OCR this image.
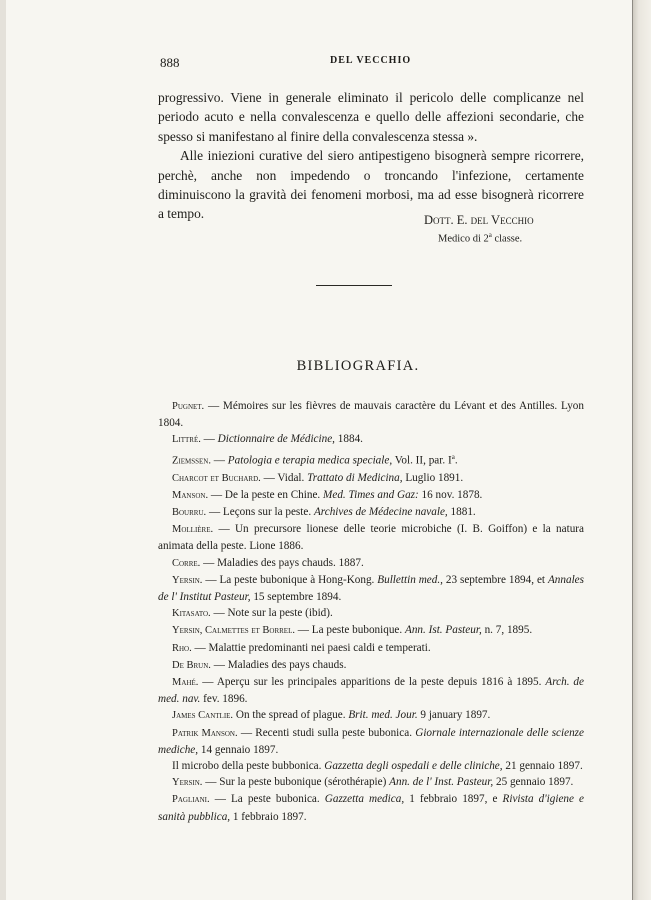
888	DEL VECCHIO

progressivo. Viene in generale eliminato il pericolo delle complicanze nel periodo acuto e nella convalescenza e quello delle affezioni secondarie, che spesso si manifestano al finire della convalescenza stessa ».

Alle iniezioni curative del siero antipestigeno bisognerà sempre ricorrere, perchè, anche non impedendo o troncando l'infezione, certamente diminuiscono la gravità dei fenomeni morbosi, ma ad esse bisognerà ricorrere a tempo.	Dott. E. del Vecchio
Medico di 2$^a$ classe.
BIBLIOGRAFIA.
Pugnet. — Mémoires sur les fièvres de mauvais caractère du Lévant et des Antilles. Lyon 1804.
Littré. — Dictionnaire de Médicine, 1884.
Ziemssen. — Patologia e terapia medica speciale, Vol. II, par. $I^a$.
Charcot et Buchard. — Vidal. Trattato di Medicina, Luglio 1891.
Manson. — De la peste en Chine. Med. Times and Gaz: 16 nov. 1878.
Bourru. — Leçons sur la peste. Archives de Médecine navale, 1881.
Mollière. — Un precursore lionese delle teorie microbiche (I. B. Goiffon) e la natura animata della peste. Lione 1886.
Corre. — Maladies des pays chauds. 1887.
Yersin. — La peste bubonique à Hong-Kong. Bullettin med., 23 septembre 1894, et Annales de l' Institut Pasteur, 15 septembre 1894.
Kitasato. — Note sur la peste (ibid).
Yersin, Calmettes et Borrel. — La peste bubonique. Ann. Ist. Pasteur, n. 7, 1895.
Rho. — Malattie predominanti nei paesi caldi e temperati.
De Brun. — Maladies des pays chauds.
Mahé. — Aperçu sur les principales apparitions de la peste depuis 1816 à 1895. Arch. de med. nav. fev. 1896.
James Cantlie. On the spread of plague. Brit. med. Jour. 9 january 1897.
Patrik Manson. — Recenti studi sulla peste bubonica. Giornale internazionale delle scienze mediche, 14 gennaio 1897.
Il microbo della peste bubbonica. Gazzetta degli ospedali e delle cliniche, 21 gennaio 1897.
Yersin. — Sur la peste bubonique (sérothérapie) Ann. de l' Inst. Pasteur, 25 gennaio 1897.
Pagliani. — La peste bubonica. Gazzetta medica, 1 febbraio 1897, e Rivista d'igiene e sanità pubblica, 1 febbraio 1897.
